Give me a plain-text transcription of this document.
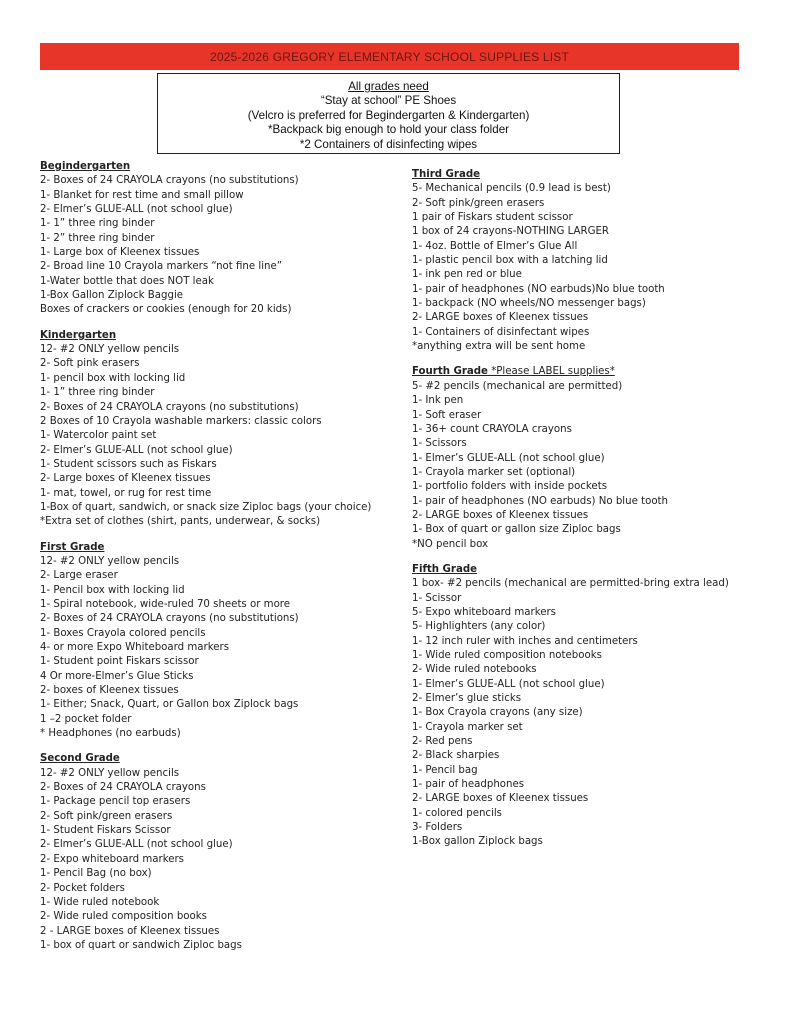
2025-2026 GREGORY ELEMENTARY SCHOOL SUPPLIES LIST
All grades need
“Stay at school” PE Shoes
(Velcro is preferred for Begindergarten & Kindergarten)
*Backpack big enough to hold your class folder
*2 Containers of disinfecting wipes
Begindergarten
2- Boxes of 24 CRAYOLA crayons (no substitutions)
1- Blanket for rest time and small pillow
2- Elmer’s GLUE-ALL (not school glue)
1- 1” three ring binder
1- 2” three ring binder
1- Large box of Kleenex tissues
2- Broad line 10 Crayola markers “not fine line”
1-Water bottle that does NOT leak
1-Box Gallon Ziplock Baggie
Boxes of crackers or cookies (enough for 20 kids)
Kindergarten
12- #2 ONLY yellow pencils
2- Soft pink erasers
1- pencil box with locking lid
1- 1” three ring binder
2- Boxes of 24 CRAYOLA crayons (no substitutions)
2 Boxes of 10 Crayola washable markers: classic colors
1- Watercolor paint set
2- Elmer’s GLUE-ALL (not school glue)
1- Student scissors such as Fiskars
2- Large boxes of Kleenex tissues
1- mat, towel, or rug for rest time
1-Box of quart, sandwich, or snack size Ziploc bags (your choice)
*Extra set of clothes (shirt, pants, underwear, & socks)
First Grade
12- #2 ONLY yellow pencils
2- Large eraser
1- Pencil box with locking lid
1- Spiral notebook, wide-ruled 70 sheets or more
2- Boxes of 24 CRAYOLA crayons (no substitutions)
1- Boxes Crayola colored pencils
4- or more Expo Whiteboard markers
1- Student point Fiskars scissor
4 Or more-Elmer’s Glue Sticks
2- boxes of Kleenex tissues
1- Either; Snack, Quart, or Gallon box Ziplock bags
1 –2 pocket folder
* Headphones (no earbuds)
Second Grade
12- #2 ONLY yellow pencils
2- Boxes of 24 CRAYOLA crayons
1- Package pencil top erasers
2- Soft pink/green erasers
1- Student Fiskars Scissor
2- Elmer’s GLUE-ALL (not school glue)
2- Expo whiteboard markers
1- Pencil Bag (no box)
2- Pocket folders
1- Wide ruled notebook
2- Wide ruled composition books
2 - LARGE boxes of Kleenex tissues
1- box of quart or sandwich Ziploc bags
Third Grade
5- Mechanical pencils (0.9 lead is best)
2- Soft pink/green erasers
1 pair of Fiskars student scissor
1 box of 24 crayons-NOTHING LARGER
1- 4oz. Bottle of Elmer’s Glue All
1- plastic pencil box with a latching lid
1- ink pen red or blue
1- pair of headphones (NO earbuds)No blue tooth
1- backpack (NO wheels/NO messenger bags)
2- LARGE boxes of Kleenex tissues
1- Containers of disinfectant wipes
*anything extra will be sent home
Fourth Grade *Please LABEL supplies*
5- #2 pencils (mechanical are permitted)
1- Ink pen
1- Soft eraser
1- 36+ count CRAYOLA crayons
1- Scissors
1- Elmer’s GLUE-ALL (not school glue)
1- Crayola marker set (optional)
1- portfolio folders with inside pockets
1- pair of headphones (NO earbuds) No blue tooth
2- LARGE boxes of Kleenex tissues
1- Box of quart or gallon size Ziploc bags
*NO pencil box
Fifth Grade
1 box- #2 pencils (mechanical are permitted-bring extra lead)
1- Scissor
5- Expo whiteboard markers
5- Highlighters (any color)
1- 12 inch ruler with inches and centimeters
1- Wide ruled composition notebooks
2- Wide ruled notebooks
1- Elmer’s GLUE-ALL (not school glue)
2- Elmer’s glue sticks
1- Box Crayola crayons (any size)
1- Crayola marker set
2- Red pens
2- Black sharpies
1- Pencil bag
1- pair of headphones
2- LARGE boxes of Kleenex tissues
1- colored pencils
3- Folders
1-Box gallon Ziplock bags
